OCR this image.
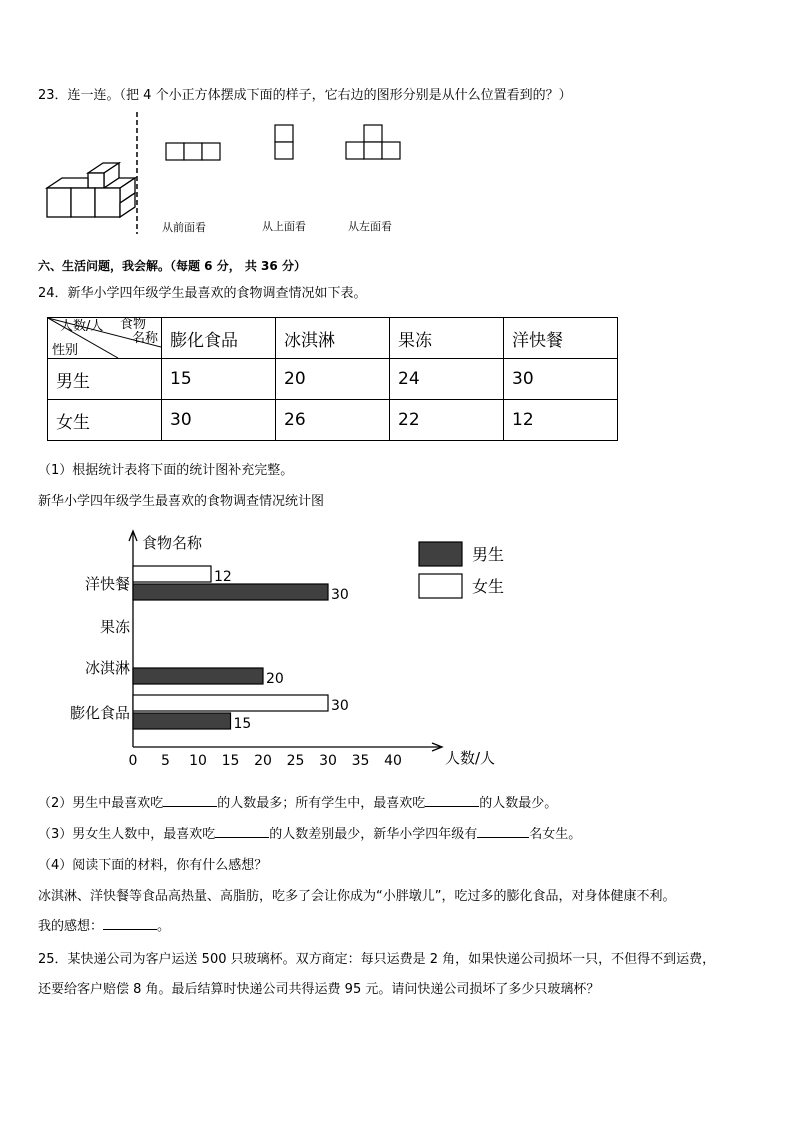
23．连一连。（把 4 个小正方体摆成下面的样子，它右边的图形分别是从什么位置看到的？）
从前面看	从上面看	从左面看
六、生活问题，我会解。（每题 6 分， 共 36 分）
24．新华小学四年级学生最喜欢的食物调查情况如下表。
人数/人 食物
名称
性别	膨化食品	冰淇淋	果冻	洋快餐
男生	15	20	24	30
女生	30	26	22	12
（1）根据统计表将下面的统计图补充完整。
新华小学四年级学生最喜欢的食物调查情况统计图
食物名称
人数/人
0 5 10 15 20 25 30 35 40
膨化食品
冰淇淋
果冻
洋快餐
15
20
30
30
12
男生
女生
（2）男生中最喜欢吃	的人数最多；所有学生中，最喜欢吃	的人数最少。
（3）男女生人数中，最喜欢吃	的人数差别最少，新华小学四年级有	名女生。
（4）阅读下面的材料，你有什么感想？
冰淇淋、洋快餐等食品高热量、高脂肪，吃多了会让你成为“小胖墩儿”，吃过多的膨化食品，对身体健康不利。
我的感想：	。
25．某快递公司为客户运送 500 只玻璃杯。双方商定：每只运费是 2 角，如果快递公司损坏一只，不但得不到运费，
还要给客户赔偿 8 角。最后结算时快递公司共得运费 95 元。请问快递公司损坏了多少只玻璃杯？
